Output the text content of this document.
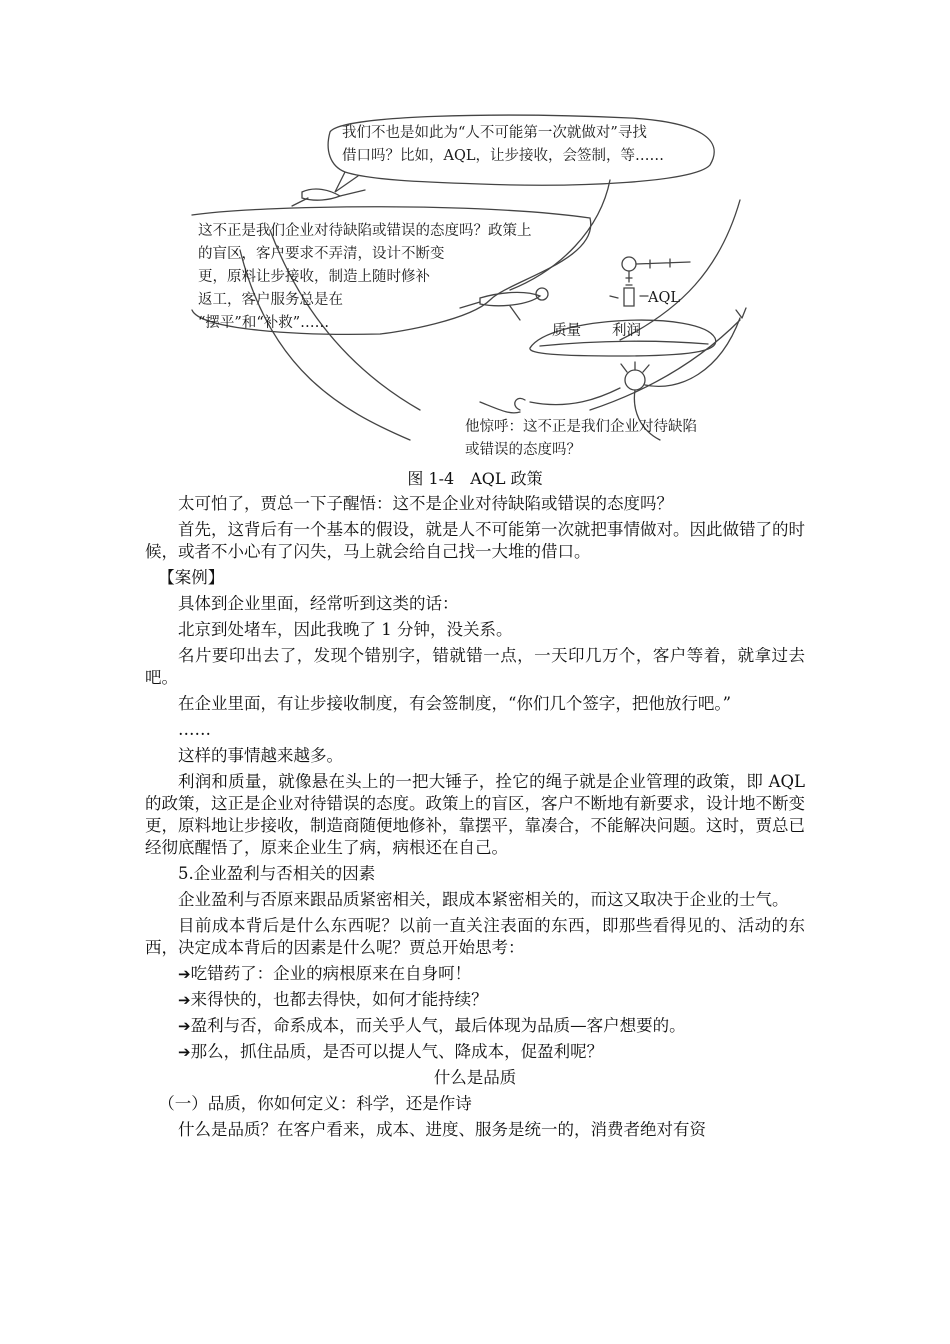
我们不也是如此为“人不可能第一次就做对”寻找
借口吗？比如，AQL，让步接收，会签制，等……
这不正是我们企业对待缺陷或错误的态度吗？政策上
的盲区，客户要求不弄清，设计不断变
更，原料让步接收，制造上随时修补
返工，客户服务总是在
“摆平”和“补救”……
AQL
质量 利润
他惊呼：这不正是我们企业对待缺陷
或错误的态度吗？
图 1-4　AQL 政策

太可怕了，贾总一下子醒悟：这不是企业对待缺陷或错误的态度吗？

首先，这背后有一个基本的假设，就是人不可能第一次就把事情做对。因此做错了的时候，或者不小心有了闪失，马上就会给自己找一大堆的借口。

【案例】

具体到企业里面，经常听到这类的话：

北京到处堵车，因此我晚了 1 分钟，没关系。

名片要印出去了，发现个错别字，错就错一点，一天印几万个，客户等着，就拿过去吧。

在企业里面，有让步接收制度，有会签制度，“你们几个签字，把他放行吧。”

……

这样的事情越来越多。

利润和质量，就像悬在头上的一把大锤子，拴它的绳子就是企业管理的政策，即 AQL 的政策，这正是企业对待错误的态度。政策上的盲区，客户不断地有新要求，设计地不断变更，原料地让步接收，制造商随便地修补，靠摆平，靠凑合，不能解决问题。这时，贾总已经彻底醒悟了，原来企业生了病，病根还在自己。

5.企业盈利与否相关的因素

企业盈利与否原来跟品质紧密相关，跟成本紧密相关的，而这又取决于企业的士气。

目前成本背后是什么东西呢？以前一直关注表面的东西，即那些看得见的、活动的东西，决定成本背后的因素是什么呢？贾总开始思考：

➔吃错药了：企业的病根原来在自身呵！

➔来得快的，也都去得快，如何才能持续？

➔盈利与否，命系成本，而关乎人气，最后体现为品质—客户想要的。

➔那么，抓住品质，是否可以提人气、降成本，促盈利呢？

什么是品质

（一）品质，你如何定义：科学，还是作诗

什么是品质？在客户看来，成本、进度、服务是统一的，消费者绝对有资
